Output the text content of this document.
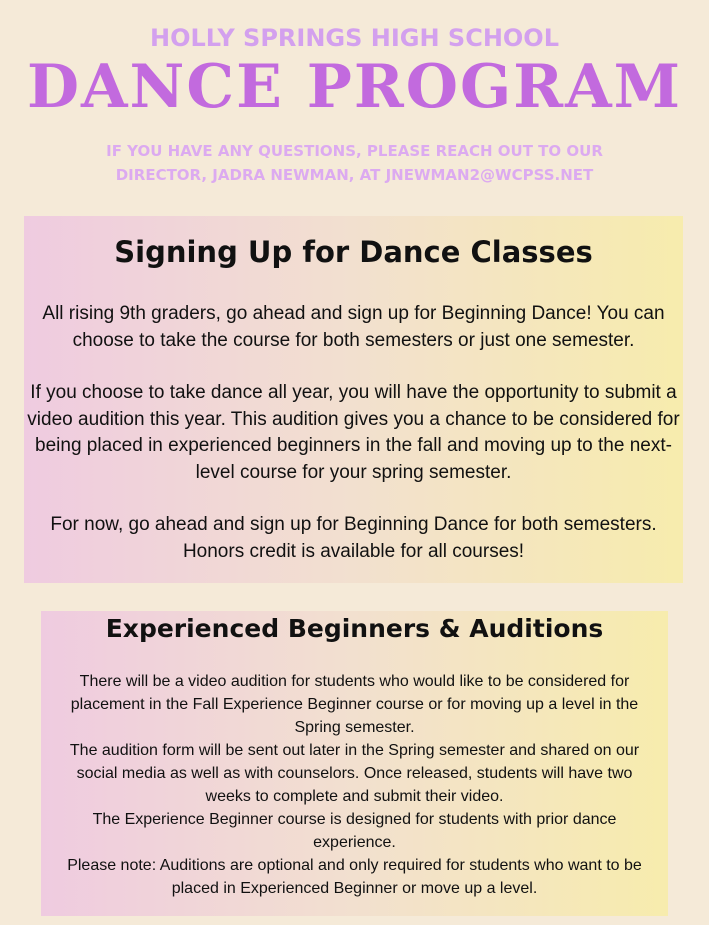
HOLLY SPRINGS HIGH SCHOOL
DANCE PROGRAM
IF YOU HAVE ANY QUESTIONS, PLEASE REACH OUT TO OUR DIRECTOR, JADRA NEWMAN, AT JNEWMAN2@WCPSS.NET
Signing Up for Dance Classes

All rising 9th graders, go ahead and sign up for Beginning Dance! You can choose to take the course for both semesters or just one semester.

If you choose to take dance all year, you will have the opportunity to submit a video audition this year. This audition gives you a chance to be considered for being placed in experienced beginners in the fall and moving up to the next-level course for your spring semester.

For now, go ahead and sign up for Beginning Dance for both semesters. Honors credit is available for all courses!

Experienced Beginners & Auditions

There will be a video audition for students who would like to be considered for placement in the Fall Experience Beginner course or for moving up a level in the Spring semester.

The audition form will be sent out later in the Spring semester and shared on our social media as well as with counselors. Once released, students will have two weeks to complete and submit their video.

The Experience Beginner course is designed for students with prior dance experience.

Please note: Auditions are optional and only required for students who want to be placed in Experienced Beginner or move up a level.
